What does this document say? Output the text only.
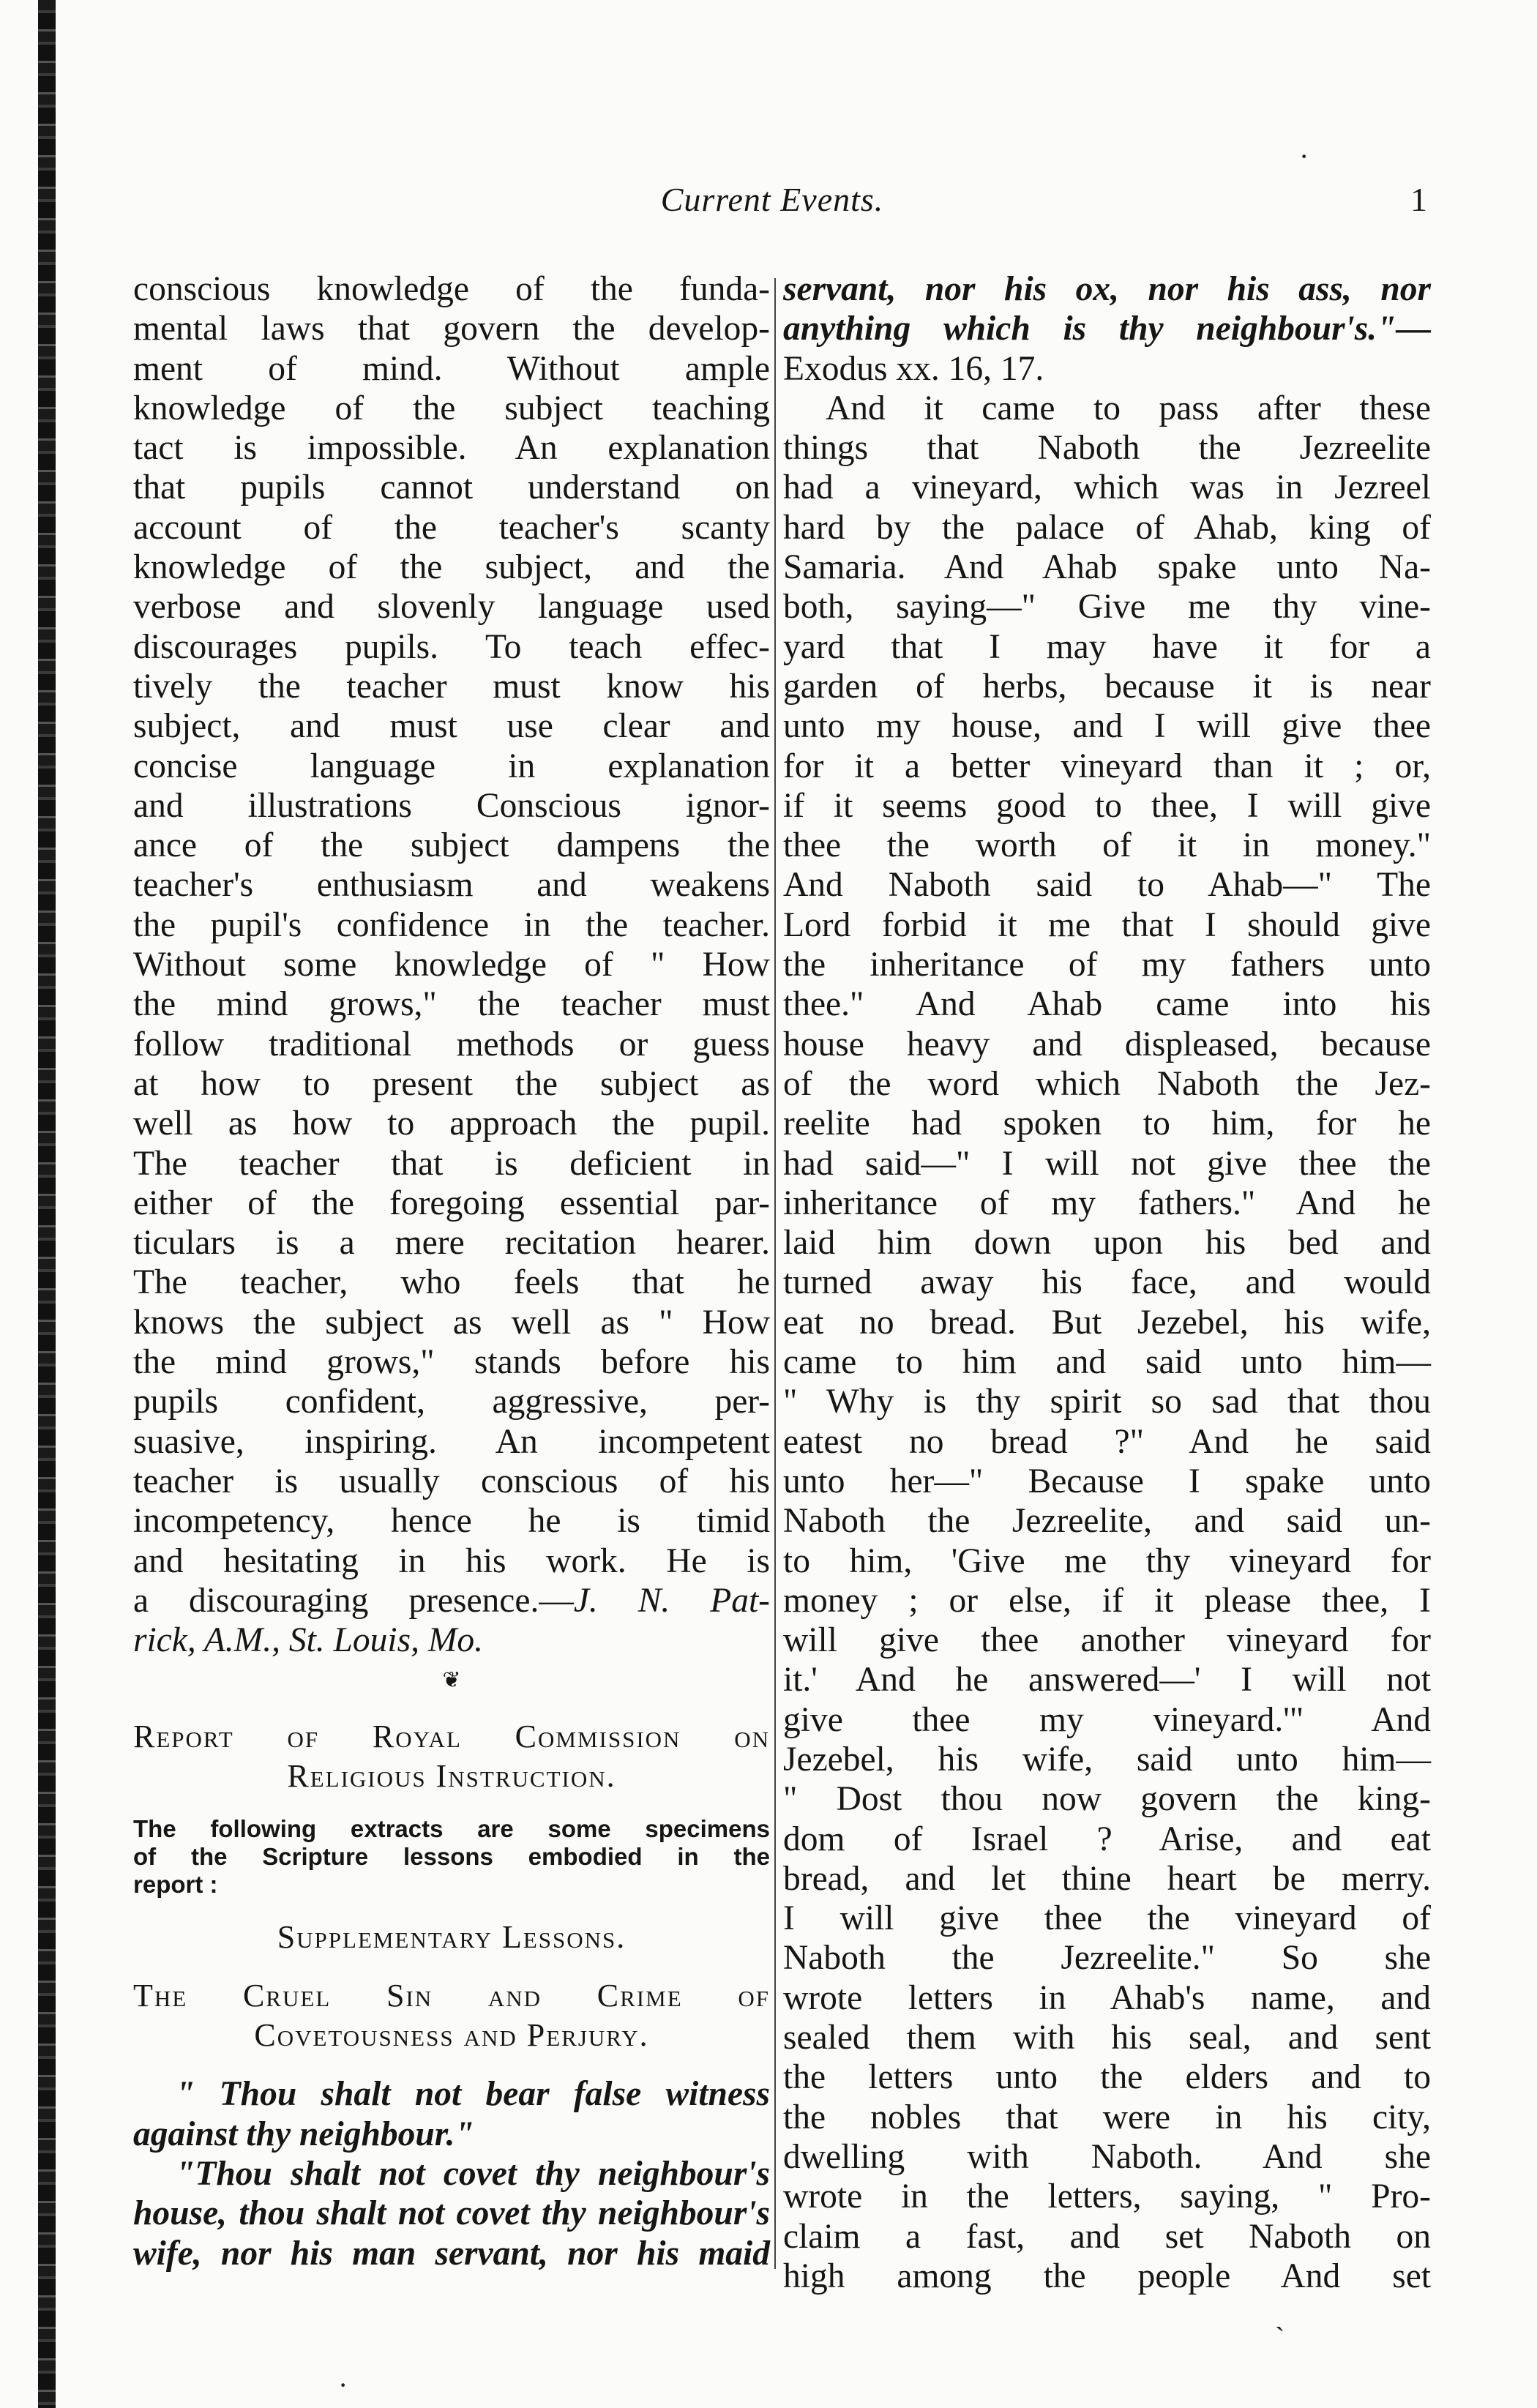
Current Events.	1
conscious knowledge of the funda-
mental laws that govern the develop-
ment of mind. Without ample
knowledge of the subject teaching
tact is impossible. An explanation
that pupils cannot understand on
account of the teacher's scanty
knowledge of the subject, and the
verbose and slovenly language used
discourages pupils. To teach effec-
tively the teacher must know his
subject, and must use clear and
concise language in explanation
and illustrations Conscious ignor-
ance of the subject dampens the
teacher's enthusiasm and weakens
the pupil's confidence in the teacher.
Without some knowledge of " How
the mind grows," the teacher must
follow traditional methods or guess
at how to present the subject as
well as how to approach the pupil.
The teacher that is deficient in
either of the foregoing essential par-
ticulars is a mere recitation hearer.
The teacher, who feels that he
knows the subject as well as " How
the mind grows," stands before his
pupils confident, aggressive, per-
suasive, inspiring. An incompetent
teacher is usually conscious of his
incompetency, hence he is timid
and hesitating in his work. He is
a discouraging presence.—J. N. Pat-
rick, A.M., St. Louis, Mo.
❦
Report of Royal Commission on
Religious Instruction.
The following extracts are some specimens
of the Scripture lessons embodied in the
report :
Supplementary Lessons.
The Cruel Sin and Crime of
Covetousness and Perjury.
" Thou shalt not bear false witness
against thy neighbour."
"Thou shalt not covet thy neighbour's
house, thou shalt not covet thy neighbour's
wife, nor his man servant, nor his maid
servant, nor his ox, nor his ass, nor
anything which is thy neighbour's."—
Exodus xx. 16, 17.
And it came to pass after these
things that Naboth the Jezreelite
had a vineyard, which was in Jezreel
hard by the palace of Ahab, king of
Samaria. And Ahab spake unto Na-
both, saying—" Give me thy vine-
yard that I may have it for a
garden of herbs, because it is near
unto my house, and I will give thee
for it a better vineyard than it ; or,
if it seems good to thee, I will give
thee the worth of it in money."
And Naboth said to Ahab—" The
Lord forbid it me that I should give
the inheritance of my fathers unto
thee." And Ahab came into his
house heavy and displeased, because
of the word which Naboth the Jez-
reelite had spoken to him, for he
had said—" I will not give thee the
inheritance of my fathers." And he
laid him down upon his bed and
turned away his face, and would
eat no bread. But Jezebel, his wife,
came to him and said unto him—
" Why is thy spirit so sad that thou
eatest no bread ?" And he said
unto her—" Because I spake unto
Naboth the Jezreelite, and said un-
to him, 'Give me thy vineyard for
money ; or else, if it please thee, I
will give thee another vineyard for
it.' And he answered—' I will not
give thee my vineyard.'" And
Jezebel, his wife, said unto him—
" Dost thou now govern the king-
dom of Israel ? Arise, and eat
bread, and let thine heart be merry.
I will give thee the vineyard of
Naboth the Jezreelite." So she
wrote letters in Ahab's name, and
sealed them with his seal, and sent
the letters unto the elders and to
the nobles that were in his city,
dwelling with Naboth. And she
wrote in the letters, saying, " Pro-
claim a fast, and set Naboth on
high among the people And set
·
·
`
